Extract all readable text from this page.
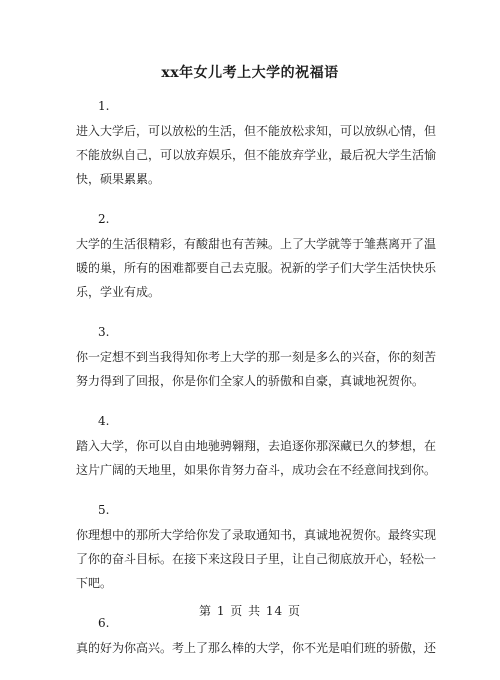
xx年女儿考上大学的祝福语
1.
进入大学后，可以放松的生活，但不能放松求知，可以放纵心情，但
不能放纵自己，可以放弃娱乐，但不能放弃学业，最后祝大学生活愉
快，硕果累累。
2.
大学的生活很精彩，有酸甜也有苦辣。上了大学就等于雏燕离开了温
暖的巢，所有的困难都要自己去克服。祝新的学子们大学生活快快乐
乐，学业有成。
3.
你一定想不到当我得知你考上大学的那一刻是多么的兴奋，你的刻苦
努力得到了回报，你是你们全家人的骄傲和自豪，真诚地祝贺你。
4.
踏入大学，你可以自由地驰骋翱翔，去追逐你那深藏已久的梦想，在
这片广阔的天地里，如果你肯努力奋斗，成功会在不经意间找到你。
5.
你理想中的那所大学给你发了录取通知书，真诚地祝贺你。最终实现
了你的奋斗目标。在接下来这段日子里，让自己彻底放开心，轻松一
下吧。
6.
真的好为你高兴。考上了那么棒的大学，你不光是咱们班的骄傲，还
第 1 页 共 14 页
